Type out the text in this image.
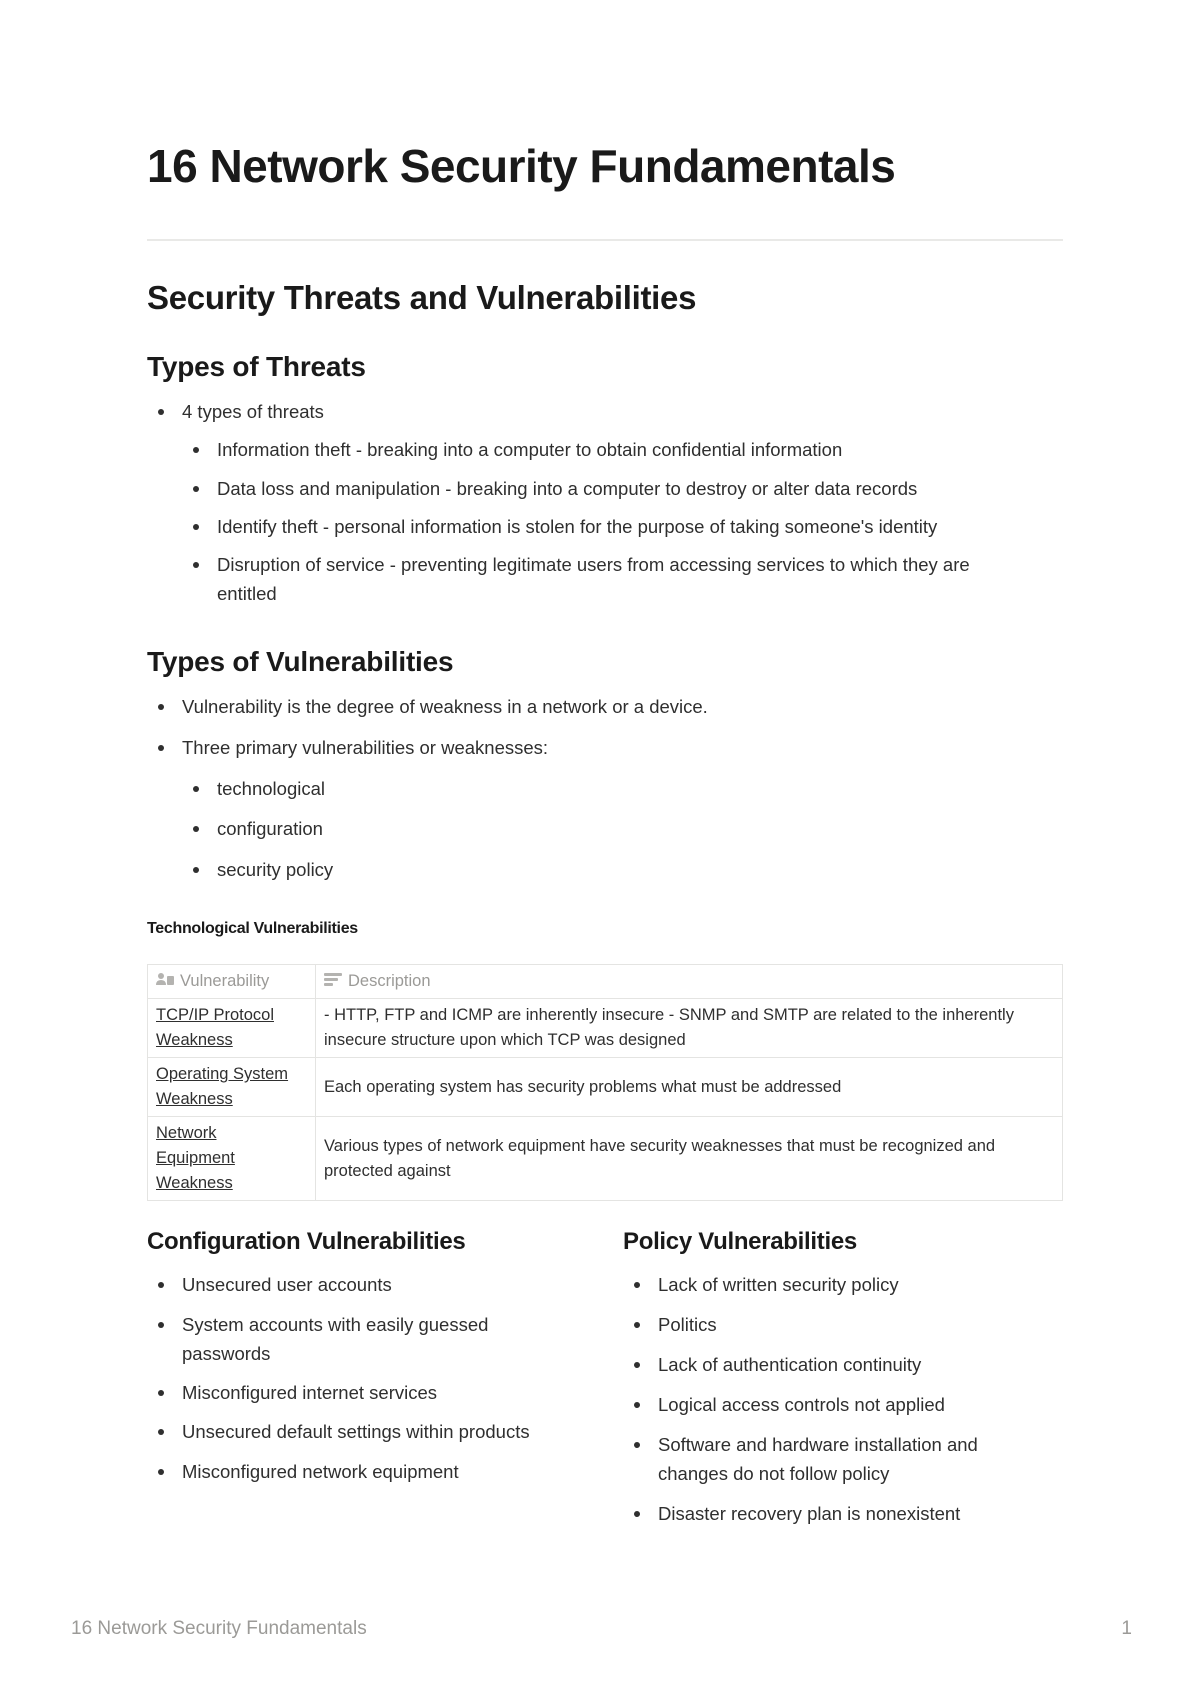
16 Network Security Fundamentals
Security Threats and Vulnerabilities
Types of Threats
4 types of threats
Information theft - breaking into a computer to obtain confidential information
Data loss and manipulation - breaking into a computer to destroy or alter data records
Identify theft - personal information is stolen for the purpose of taking someone's identity
Disruption of service - preventing legitimate users from accessing services to which they are entitled
Types of Vulnerabilities
Vulnerability is the degree of weakness in a network or a device.
Three primary vulnerabilities or weaknesses:
technological
configuration
security policy
Technological Vulnerabilities
Vulnerability	Description
TCP/IP Protocol Weakness	- HTTP, FTP and ICMP are inherently insecure - SNMP and SMTP are related to the inherently insecure structure upon which TCP was designed
Operating System Weakness	Each operating system has security problems what must be addressed
Network Equipment Weakness	Various types of network equipment have security weaknesses that must be recognized and protected against
Configuration Vulnerabilities
Unsecured user accounts
System accounts with easily guessed passwords
Misconfigured internet services
Unsecured default settings within products
Misconfigured network equipment
Policy Vulnerabilities
Lack of written security policy
Politics
Lack of authentication continuity
Logical access controls not applied
Software and hardware installation and changes do not follow policy
Disaster recovery plan is nonexistent
16 Network Security Fundamentals	1
